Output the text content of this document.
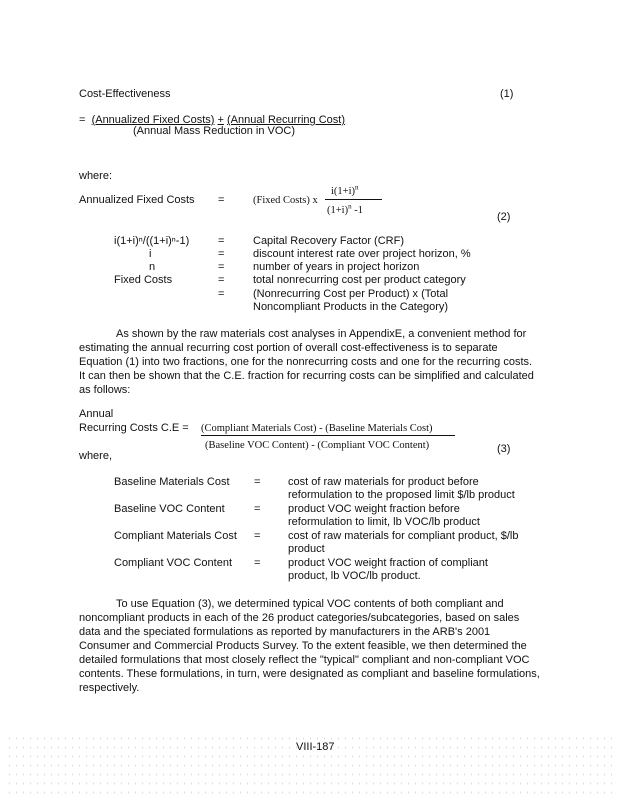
Cost-Effectiveness	(1)
= (Annualized Fixed Costs) + (Annual Recurring Cost)
(Annual Mass Reduction in VOC)
where:
Annualized Fixed Costs =	(Fixed Costs) x
$i(1+i)^n$
$(1+i)^n$ -1
(2)
i(1+i)ⁿ/((1+i)ⁿ-1)	=	Capital Recovery Factor (CRF)
i	=	discount interest rate over project horizon, %
n	=	number of years in project horizon
Fixed Costs	=	total nonrecurring cost per product category
=	(Nonrecurring Cost per Product) x (Total
Noncompliant Products in the Category)

As shown by the raw materials cost analyses in AppendixE, a convenient method for estimating the annual recurring cost portion of overall cost-effectiveness is to separate Equation (1) into two fractions, one for the nonrecurring costs and one for the recurring costs. It can then be shown that the C.E. fraction for recurring costs can be simplified and calculated as follows:

Annual
Recurring Costs C.E = (Compliant Materials Cost) - (Baseline Materials Cost)
(Baseline VOC Content) - (Compliant VOC Content)
where,
(3)
Baseline Materials Cost =	cost of raw materials for product before
reformulation to the proposed limit $/lb product
Baseline VOC Content	=	product VOC weight fraction before
reformulation to limit, lb VOC/lb product
Compliant Materials Cost =	cost of raw materials for compliant product, $/lb
product
Compliant VOC Content =	product VOC weight fraction of compliant
product, lb VOC/lb product.

To use Equation (3), we determined typical VOC contents of both compliant and noncompliant products in each of the 26 product categories/subcategories, based on sales data and the speciated formulations as reported by manufacturers in the ARB's 2001 Consumer and Commercial Products Survey. To the extent feasible, we then determined the detailed formulations that most closely reflect the "typical" compliant and non-compliant VOC contents. These formulations, in turn, were designated as compliant and baseline formulations, respectively.

VIII-187
